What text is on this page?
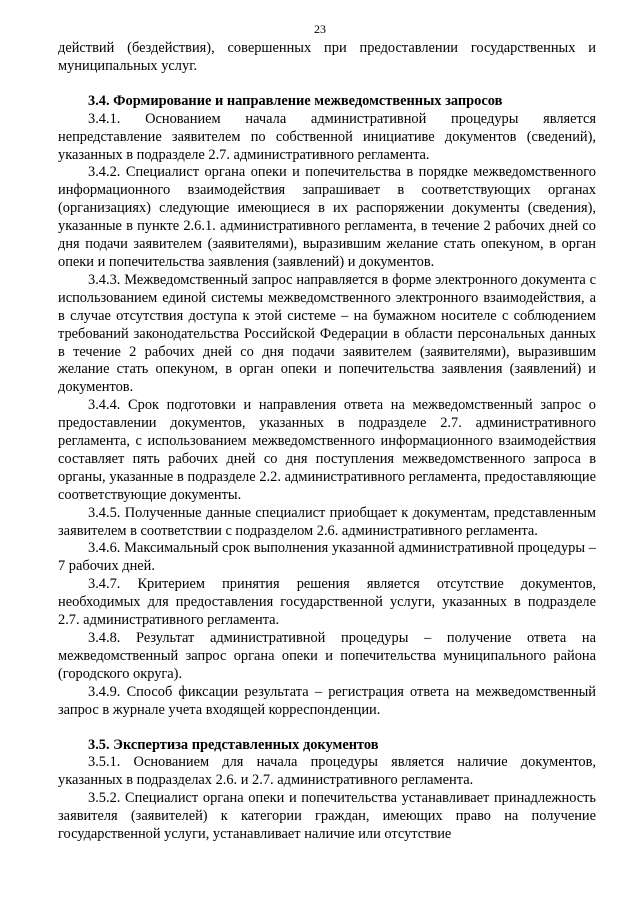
23

действий (бездействия), совершенных при предоставлении государственных и муниципальных услуг.

3.4. Формирование и направление межведомственных запросов

3.4.1. Основанием начала административной процедуры является непредставление заявителем по собственной инициативе документов (сведений), указанных в подразделе 2.7. административного регламента.

3.4.2. Специалист органа опеки и попечительства в порядке межведомственного информационного взаимодействия запрашивает в соответствующих органах (организациях) следующие имеющиеся в их распоряжении документы (сведения), указанные в пункте 2.6.1. административного регламента, в течение 2 рабочих дней со дня подачи заявителем (заявителями), выразившим желание стать опекуном, в орган опеки и попечительства заявления (заявлений) и документов.

3.4.3. Межведомственный запрос направляется в форме электронного документа с использованием единой системы межведомственного электронного взаимодействия, а в случае отсутствия доступа к этой системе – на бумажном носителе с соблюдением требований законодательства Российской Федерации в области персональных данных в течение 2 рабочих дней со дня подачи заявителем (заявителями), выразившим желание стать опекуном, в орган опеки и попечительства заявления (заявлений) и документов.

3.4.4. Срок подготовки и направления ответа на межведомственный запрос о предоставлении документов, указанных в подразделе 2.7. административного регламента, с использованием межведомственного информационного взаимодействия составляет пять рабочих дней со дня поступления межведомственного запроса в органы, указанные в подразделе 2.2. административного регламента, предоставляющие соответствующие документы.

3.4.5. Полученные данные специалист приобщает к документам, представленным заявителем в соответствии с подразделом 2.6. административного регламента.

3.4.6. Максимальный срок выполнения указанной административной процедуры – 7 рабочих дней.

3.4.7. Критерием принятия решения является отсутствие документов, необходимых для предоставления государственной услуги, указанных в подразделе 2.7. административного регламента.

3.4.8. Результат административной процедуры – получение ответа на межведомственный запрос органа опеки и попечительства муниципального района (городского округа).

3.4.9. Способ фиксации результата – регистрация ответа на межведомственный запрос в журнале учета входящей корреспонденции.

3.5. Экспертиза представленных документов

3.5.1. Основанием для начала процедуры является наличие документов, указанных в подразделах 2.6. и 2.7. административного регламента.

3.5.2. Специалист органа опеки и попечительства устанавливает принадлежность заявителя (заявителей) к категории граждан, имеющих право на получение государственной услуги, устанавливает наличие или отсутствие
